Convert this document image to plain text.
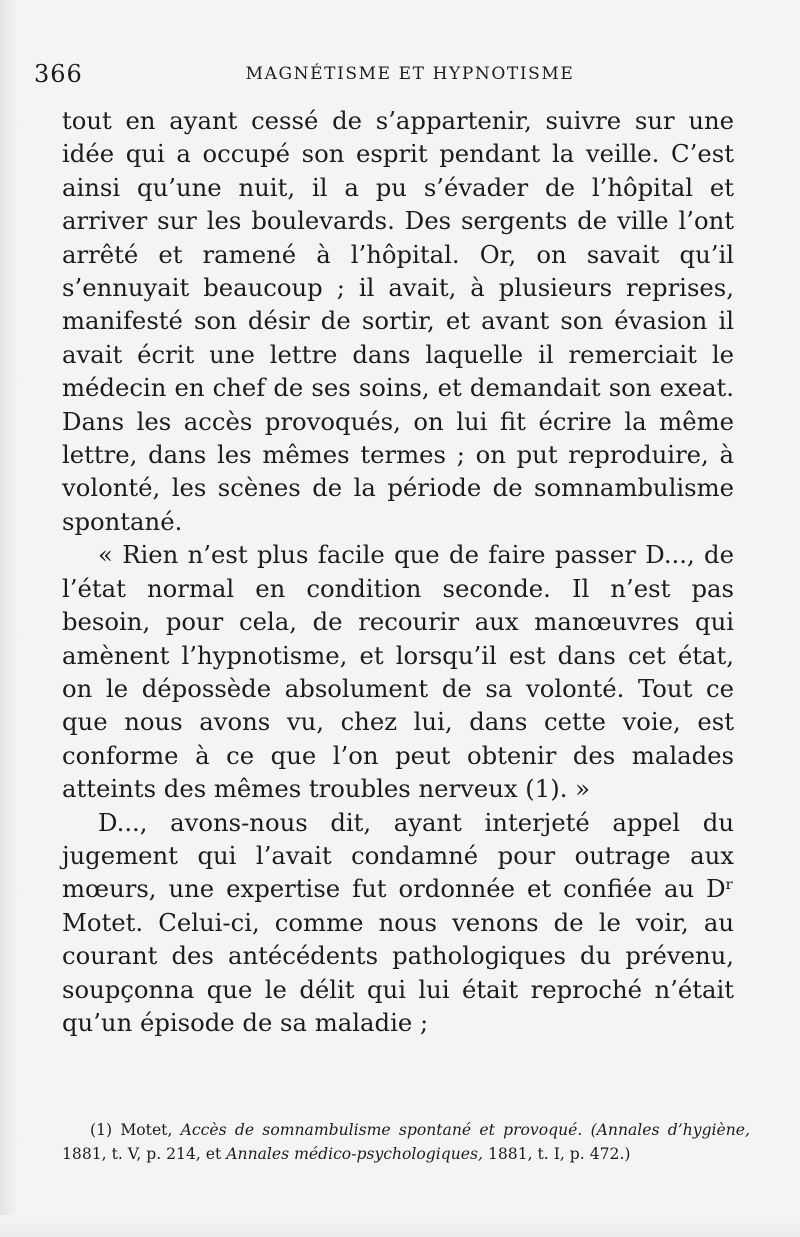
366	MAGNÉTISME ET HYPNOTISME

tout en ayant cessé de s’appartenir, suivre sur une idée qui a occupé son esprit pendant la veille. C’est ainsi qu’une nuit, il a pu s’évader de l’hôpital et arriver sur les boulevards. Des sergents de ville l’ont arrêté et ramené à l’hôpital. Or, on savait qu’il s’ennuyait beaucoup ; il avait, à plusieurs reprises, manifesté son désir de sortir, et avant son évasion il avait écrit une lettre dans laquelle il remerciait le médecin en chef de ses soins, et demandait son exeat. Dans les accès provoqués, on lui fit écrire la même lettre, dans les mêmes termes ; on put reproduire, à volonté, les scènes de la période de somnambulisme spontané.

« Rien n’est plus facile que de faire passer D..., de l’état normal en condition seconde. Il n’est pas besoin, pour cela, de recourir aux manœuvres qui amènent l’hypnotisme, et lorsqu’il est dans cet état, on le dépossède absolument de sa volonté. Tout ce que nous avons vu, chez lui, dans cette voie, est conforme à ce que l’on peut obtenir des malades atteints des mêmes troubles nerveux (1). »

D..., avons-nous dit, ayant interjeté appel du jugement qui l’avait condamné pour outrage aux mœurs, une expertise fut ordonnée et confiée au Dʳ Motet. Celui-ci, comme nous venons de le voir, au courant des antécédents pathologiques du prévenu, soupçonna que le délit qui lui était reproché n’était qu’un épisode de sa maladie ;

(1) Motet, Accès de somnambulisme spontané et provoqué. (Annales d’hygiène, 1881, t. V, p. 214, et Annales médico-psychologiques, 1881, t. I, p. 472.)
